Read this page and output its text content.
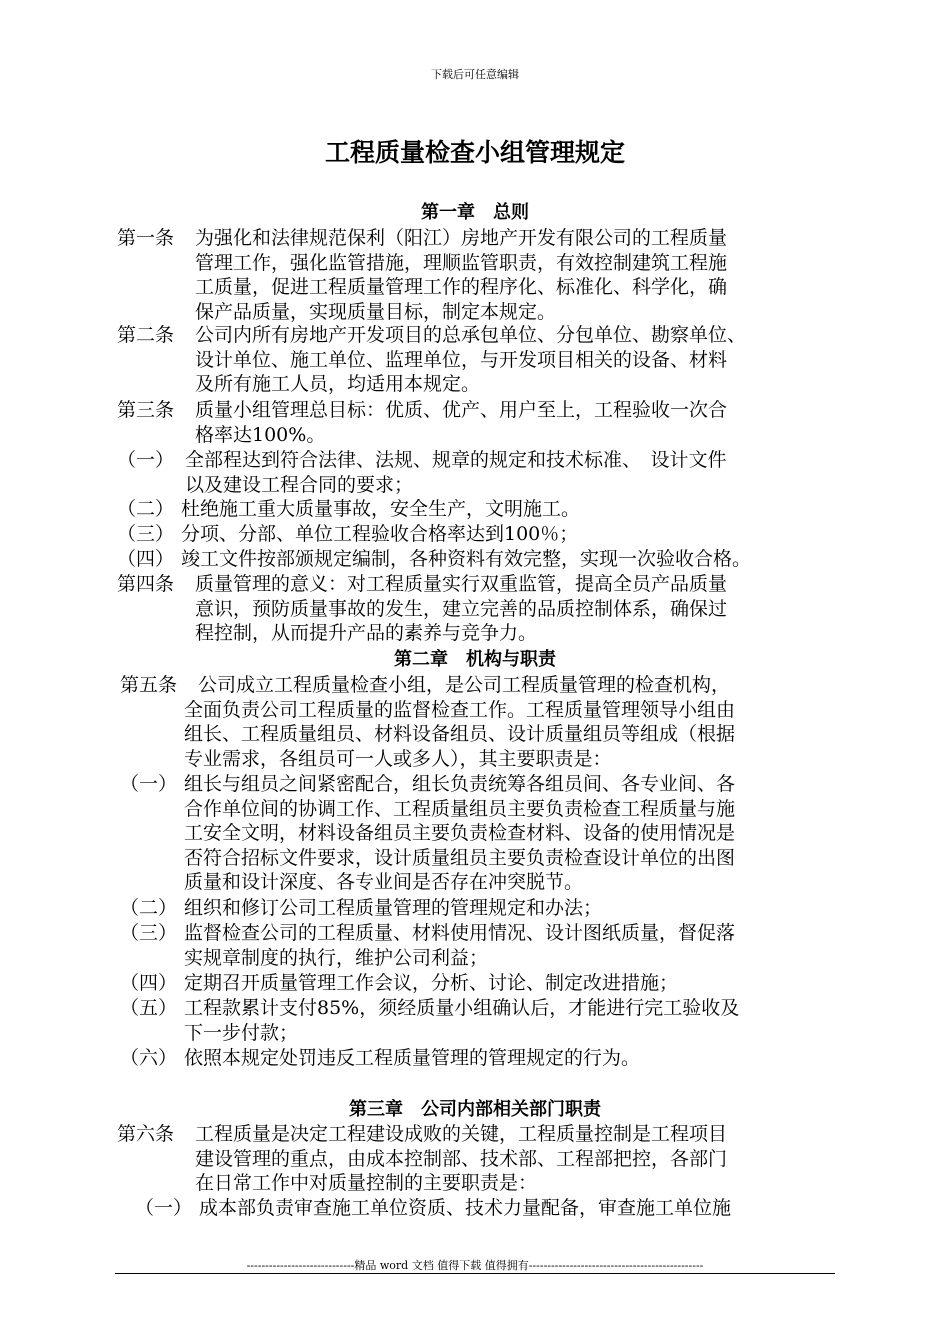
下载后可任意编辑
工程质量检查小组管理规定
第一章　总则
第一条 为强化和法律规范保利（阳江）房地产开发有限公司的工程质量
管理工作，强化监管措施，理顺监管职责，有效控制建筑工程施
工质量，促进工程质量管理工作的程序化、标准化、科学化，确
保产品质量，实现质量目标，制定本规定。
第二条 公司内所有房地产开发项目的总承包单位、分包单位、勘察单位、
设计单位、施工单位、监理单位，与开发项目相关的设备、材料
及所有施工人员，均适用本规定。
第三条 质量小组管理总目标：优质、优产、用户至上，工程验收一次合
格率达100%。
（一） 全部程达到符合法律、法规、规章的规定和技术标准、　设计文件
以及建设工程合同的要求；
（二） 杜绝施工重大质量事故，安全生产，文明施工。
（三） 分项、分部、单位工程验收合格率达到100％；
（四） 竣工文件按部颁规定编制，各种资料有效完整，实现一次验收合格。
第四条 质量管理的意义：对工程质量实行双重监管，提高全员产品质量
意识，预防质量事故的发生，建立完善的品质控制体系，确保过
程控制，从而提升产品的素养与竞争力。
第二章　机构与职责
第五条 公司成立工程质量检查小组，是公司工程质量管理的检查机构，
全面负责公司工程质量的监督检查工作。工程质量管理领导小组由
组长、工程质量组员、材料设备组员、设计质量组员等组成（根据
专业需求，各组员可一人或多人），其主要职责是：
（一） 组长与组员之间紧密配合，组长负责统筹各组员间、各专业间、各
合作单位间的协调工作、工程质量组员主要负责检查工程质量与施
工安全文明，材料设备组员主要负责检查材料、设备的使用情况是
否符合招标文件要求，设计质量组员主要负责检查设计单位的出图
质量和设计深度、各专业间是否存在冲突脱节。
（二） 组织和修订公司工程质量管理的管理规定和办法；
（三） 监督检查公司的工程质量、材料使用情况、设计图纸质量，督促落
实规章制度的执行，维护公司利益；
（四） 定期召开质量管理工作会议，分析、讨论、制定改进措施；
（五） 工程款累计支付85%，须经质量小组确认后，才能进行完工验收及
下一步付款；
（六） 依照本规定处罚违反工程质量管理的管理规定的行为。
第三章　公司内部相关部门职责
第六条 工程质量是决定工程建设成败的关键，工程质量控制是工程项目
建设管理的重点，由成本控制部、技术部、工程部把控，各部门
在日常工作中对质量控制的主要职责是：
（一） 成本部负责审查施工单位资质、技术力量配备，审查施工单位施
-----------------------------精品 word 文档 值得下载 值得拥有-----------------------------------------------
